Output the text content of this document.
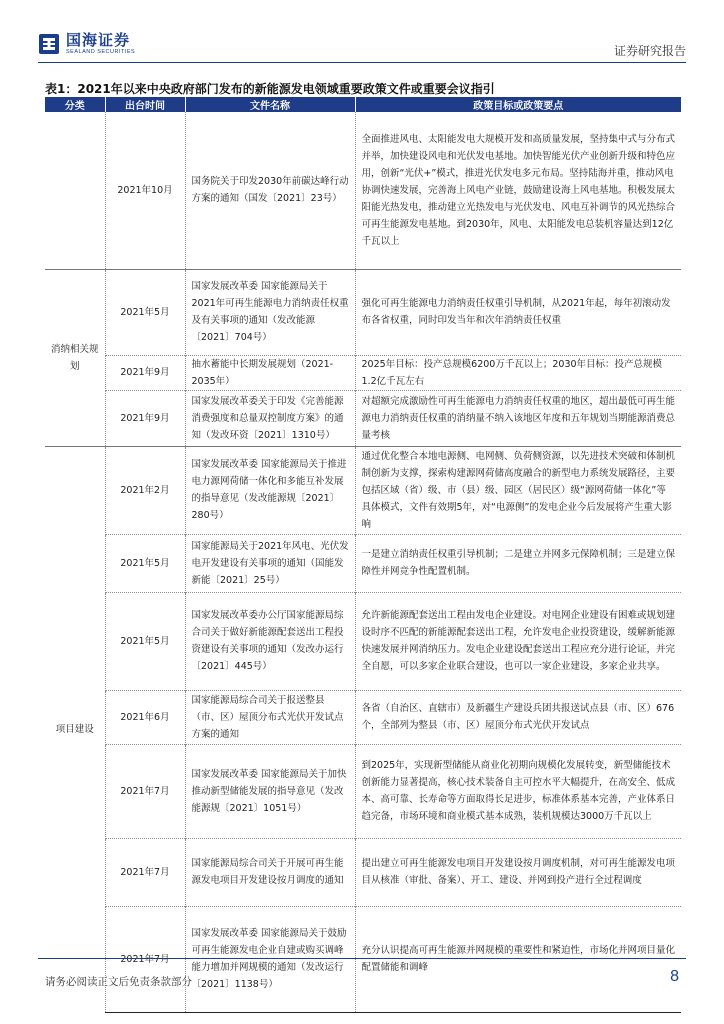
国海证券
SEALAND SECURITIES	证券研究报告
表1：2021年以来中央政府部门发布的新能源发电领域重要政策文件或重要会议指引
分类	出台时间	文件名称	政策目标或政策要点
	2021年10月	国务院关于印发2030年前碳达峰行动方案的通知（国发〔2021〕23号）	全面推进风电、太阳能发电大规模开发和高质量发展，坚持集中式与分布式并举，加快建设风电和光伏发电基地。加快智能光伏产业创新升级和特色应用，创新“光伏+”模式，推进光伏发电多元布局。坚持陆海并重，推动风电协调快速发展，完善海上风电产业链，鼓励建设海上风电基地。积极发展太阳能光热发电，推动建立光热发电与光伏发电、风电互补调节的风光热综合可再生能源发电基地。到2030年，风电、太阳能发电总装机容量达到12亿千瓦以上
消纳相关规划	2021年5月	国家发展改革委 国家能源局关于2021年可再生能源电力消纳责任权重及有关事项的通知（发改能源〔2021〕704号）	强化可再生能源电力消纳责任权重引导机制，从2021年起，每年初滚动发布各省权重，同时印发当年和次年消纳责任权重
	2021年9月	抽水蓄能中长期发展规划（2021-2035年）	2025年目标：投产总规模6200万千瓦以上；2030年目标：投产总规模1.2亿千瓦左右
	2021年9月	国家发展改革委关于印发《完善能源消费强度和总量双控制度方案》的通知（发改环资〔2021〕1310号）	对超额完成激励性可再生能源电力消纳责任权重的地区，超出最低可再生能源电力消纳责任权重的消纳量不纳入该地区年度和五年规划当期能源消费总量考核
项目建设	2021年2月	国家发展改革委 国家能源局关于推进电力源网荷储一体化和多能互补发展的指导意见（发改能源规〔2021〕280号）	通过优化整合本地电源侧、电网侧、负荷侧资源，以先进技术突破和体制机制创新为支撑，探索构建源网荷储高度融合的新型电力系统发展路径，主要包括区域（省）级、市（县）级、园区（居民区）级“源网荷储一体化”等具体模式，文件有效期5年，对“电源侧”的发电企业今后发展将产生重大影响
	2021年5月	国家能源局关于2021年风电、光伏发电开发建设有关事项的通知（国能发新能〔2021〕25号）	一是建立消纳责任权重引导机制；二是建立并网多元保障机制；三是建立保障性并网竞争性配置机制。
	2021年5月	国家发展改革委办公厅国家能源局综合司关于做好新能源配套送出工程投资建设有关事项的通知（发改办运行〔2021〕445号）	允许新能源配套送出工程由发电企业建设。对电网企业建设有困难或规划建设时序不匹配的新能源配套送出工程，允许发电企业投资建设，缓解新能源快速发展并网消纳压力。发电企业建设配套送出工程应充分进行论证，并完全自愿，可以多家企业联合建设，也可以一家企业建设，多家企业共享。
	2021年6月	国家能源局综合司关于报送整县（市、区）屋顶分布式光伏开发试点方案的通知	各省（自治区、直辖市）及新疆生产建设兵团共报送试点县（市、区）676个，全部列为整县（市、区）屋顶分布式光伏开发试点
	2021年7月	国家发展改革委 国家能源局关于加快推动新型储能发展的指导意见（发改能源规〔2021〕1051号）	到2025年，实现新型储能从商业化初期向规模化发展转变，新型储能技术创新能力显著提高，核心技术装备自主可控水平大幅提升，在高安全、低成本、高可靠、长寿命等方面取得长足进步，标准体系基本完善，产业体系日趋完备，市场环境和商业模式基本成熟，装机规模达3000万千瓦以上
	2021年7月	国家能源局综合司关于开展可再生能源发电项目开发建设按月调度的通知	提出建立可再生能源发电项目开发建设按月调度机制，对可再生能源发电项目从核准（审批、备案）、开工、建设、并网到投产进行全过程调度
	2021年7月	国家发展改革委 国家能源局关于鼓励可再生能源发电企业自建或购买调峰能力增加并网规模的通知（发改运行〔2021〕1138号）	充分认识提高可再生能源并网规模的重要性和紧迫性，市场化并网项目量化配置储能和调峰
请务必阅读正文后免责条款部分	8
